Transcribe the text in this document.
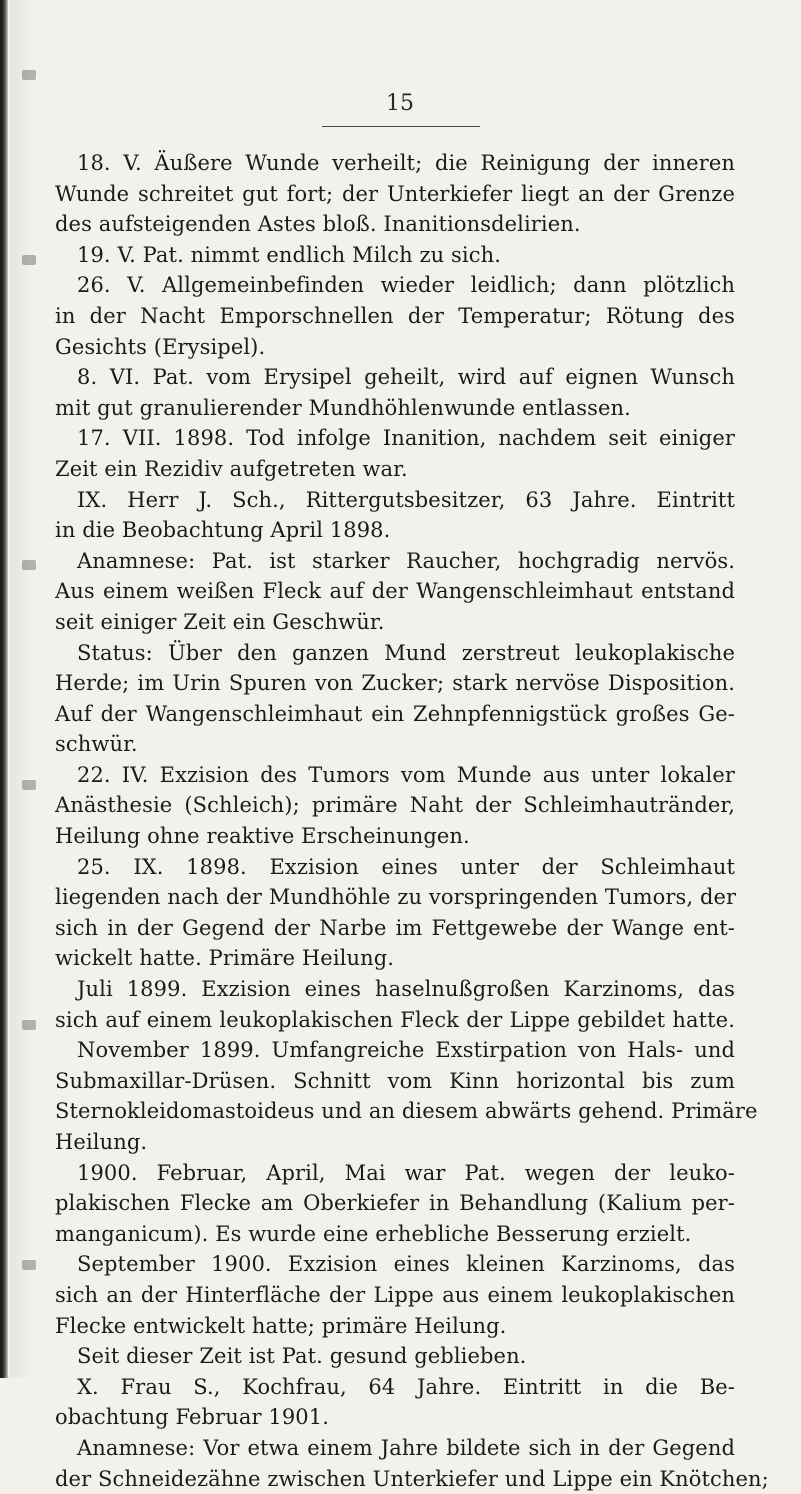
15
18. V. Äußere Wunde verheilt; die Reinigung der inneren
Wunde schreitet gut fort; der Unterkiefer liegt an der Grenze
des aufsteigenden Astes bloß. Inanitionsdelirien.
19. V. Pat. nimmt endlich Milch zu sich.
26. V. Allgemeinbefinden wieder leidlich; dann plötzlich
in der Nacht Emporschnellen der Temperatur; Rötung des
Gesichts (Erysipel).
8. VI. Pat. vom Erysipel geheilt, wird auf eignen Wunsch
mit gut granulierender Mundhöhlenwunde entlassen.
17. VII. 1898. Tod infolge Inanition, nachdem seit einiger
Zeit ein Rezidiv aufgetreten war.
IX. Herr J. Sch., Rittergutsbesitzer, 63 Jahre. Eintritt
in die Beobachtung April 1898.
Anamnese: Pat. ist starker Raucher, hochgradig nervös.
Aus einem weißen Fleck auf der Wangenschleimhaut entstand
seit einiger Zeit ein Geschwür.
Status: Über den ganzen Mund zerstreut leukoplakische
Herde; im Urin Spuren von Zucker; stark nervöse Disposition.
Auf der Wangenschleimhaut ein Zehnpfennigstück großes Ge-
schwür.
22. IV. Exzision des Tumors vom Munde aus unter lokaler
Anästhesie (Schleich); primäre Naht der Schleimhautränder,
Heilung ohne reaktive Erscheinungen.
25. IX. 1898. Exzision eines unter der Schleimhaut
liegenden nach der Mundhöhle zu vorspringenden Tumors, der
sich in der Gegend der Narbe im Fettgewebe der Wange ent-
wickelt hatte. Primäre Heilung.
Juli 1899. Exzision eines haselnußgroßen Karzinoms, das
sich auf einem leukoplakischen Fleck der Lippe gebildet hatte.
November 1899. Umfangreiche Exstirpation von Hals- und
Submaxillar-Drüsen. Schnitt vom Kinn horizontal bis zum
Sternokleidomastoideus und an diesem abwärts gehend. Primäre
Heilung.
1900. Februar, April, Mai war Pat. wegen der leuko-
plakischen Flecke am Oberkiefer in Behandlung (Kalium per-
manganicum). Es wurde eine erhebliche Besserung erzielt.
September 1900. Exzision eines kleinen Karzinoms, das
sich an der Hinterfläche der Lippe aus einem leukoplakischen
Flecke entwickelt hatte; primäre Heilung.
Seit dieser Zeit ist Pat. gesund geblieben.
X. Frau S., Kochfrau, 64 Jahre. Eintritt in die Be-
obachtung Februar 1901.
Anamnese: Vor etwa einem Jahre bildete sich in der Gegend
der Schneidezähne zwischen Unterkiefer und Lippe ein Knötchen;
